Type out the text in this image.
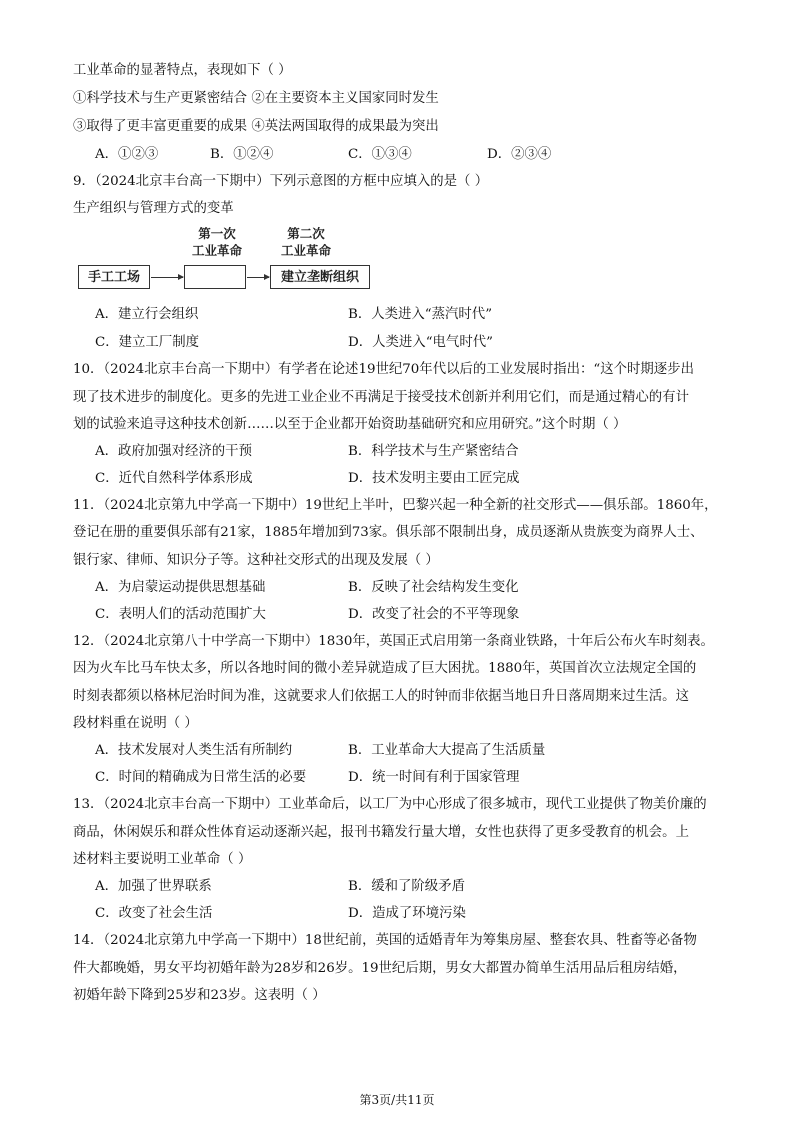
工业革命的显著特点，表现如下（ ）
①科学技术与生产更紧密结合 ②在主要资本主义国家同时发生
③取得了更丰富更重要的成果 ④英法两国取得的成果最为突出
A．①②③	B．①②④	C．①③④	D．②③④
9．（2024北京丰台高一下期中）下列示意图的方框中应填入的是（ ）
生产组织与管理方式的变革
第一次
工业革命
第二次
工业革命
手工工场	建立垄断组织
A．建立行会组织	B．人类进入“蒸汽时代”
C．建立工厂制度	D．人类进入“电气时代”
10．（2024北京丰台高一下期中）有学者在论述19世纪70年代以后的工业发展时指出：“这个时期逐步出
现了技术进步的制度化。更多的先进工业企业不再满足于接受技术创新并利用它们，而是通过精心的有计
划的试验来追寻这种技术创新……以至于企业都开始资助基础研究和应用研究。”这个时期（ ）
A．政府加强对经济的干预	B．科学技术与生产紧密结合
C．近代自然科学体系形成	D．技术发明主要由工匠完成
11．（2024北京第九中学高一下期中）19世纪上半叶，巴黎兴起一种全新的社交形式——俱乐部。1860年，
登记在册的重要俱乐部有21家，1885年增加到73家。俱乐部不限制出身，成员逐渐从贵族变为商界人士、
银行家、律师、知识分子等。这种社交形式的出现及发展（ ）
A．为启蒙运动提供思想基础	B．反映了社会结构发生变化
C．表明人们的活动范围扩大	D．改变了社会的不平等现象
12．（2024北京第八十中学高一下期中）1830年，英国正式启用第一条商业铁路，十年后公布火车时刻表。
因为火车比马车快太多，所以各地时间的微小差异就造成了巨大困扰。1880年，英国首次立法规定全国的
时刻表都须以格林尼治时间为准，这就要求人们依据工人的时钟而非依据当地日升日落周期来过生活。这
段材料重在说明（ ）
A．技术发展对人类生活有所制约	B．工业革命大大提高了生活质量
C．时间的精确成为日常生活的必要	D．统一时间有利于国家管理
13．（2024北京丰台高一下期中）工业革命后，以工厂为中心形成了很多城市，现代工业提供了物美价廉的
商品，休闲娱乐和群众性体育运动逐渐兴起，报刊书籍发行量大增，女性也获得了更多受教育的机会。上
述材料主要说明工业革命（ ）
A．加强了世界联系	B．缓和了阶级矛盾
C．改变了社会生活	D．造成了环境污染
14．（2024北京第九中学高一下期中）18世纪前，英国的适婚青年为筹集房屋、整套农具、牲畜等必备物
件大都晚婚，男女平均初婚年龄为28岁和26岁。19世纪后期，男女大都置办简单生活用品后租房结婚，
初婚年龄下降到25岁和23岁。这表明（ ）
第3页/共11页
